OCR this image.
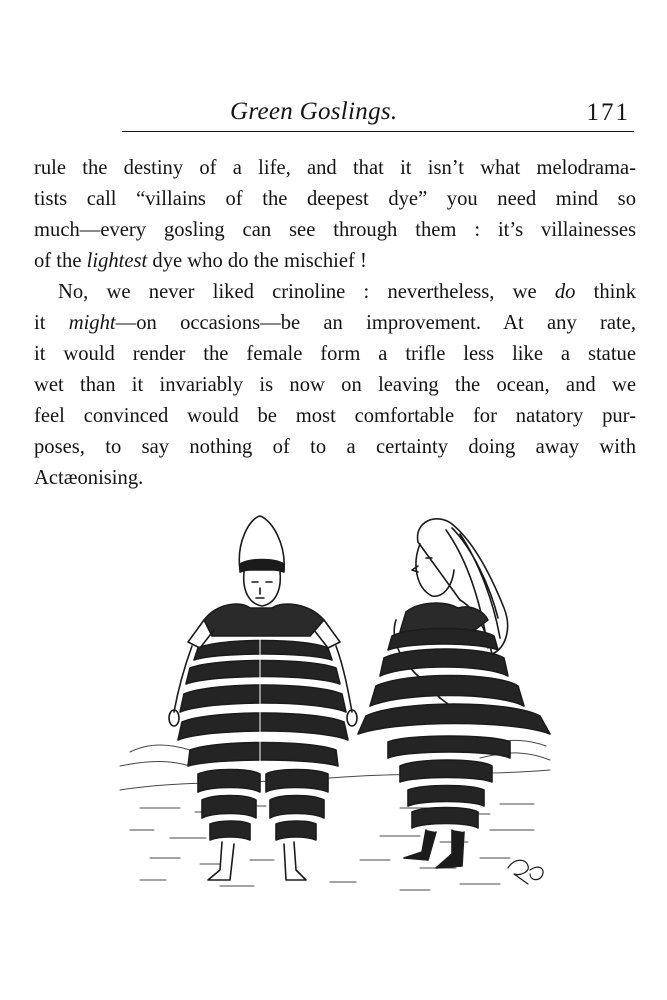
Green Goslings.	171
rule the destiny of a life, and that it isn’t what melodrama-
tists call “villains of the deepest dye” you need mind so
much—every gosling can see through them : it’s villainesses
of the lightest dye who do the mischief !
No, we never liked crinoline : nevertheless, we do think
it might—on occasions—be an improvement. At any rate,
it would render the female form a trifle less like a statue
wet than it invariably is now on leaving the ocean, and we
feel convinced would be most comfortable for natatory pur-
poses, to say nothing of to a certainty doing away with
Actæonising.
